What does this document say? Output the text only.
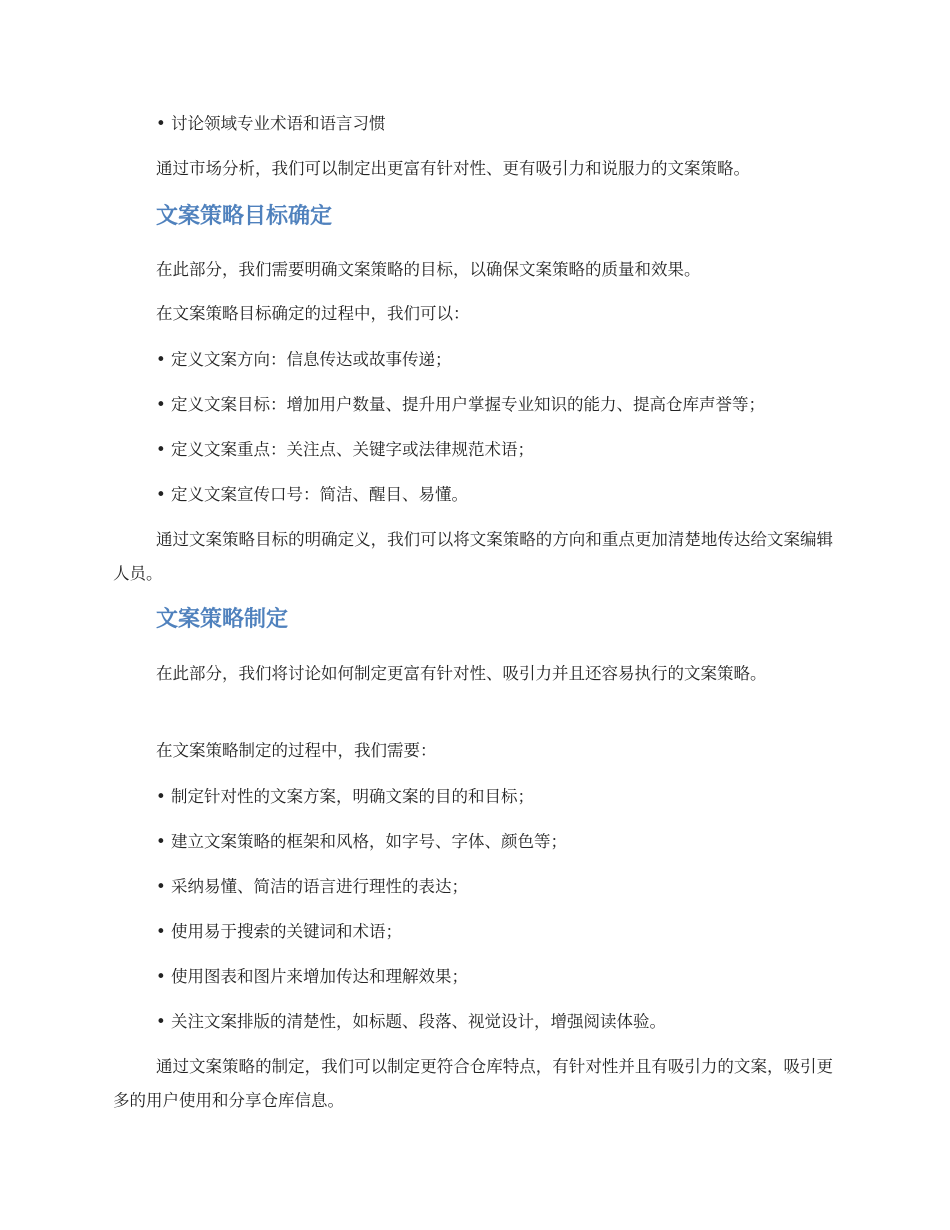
• 讨论领域专业术语和语言习惯
通过市场分析，我们可以制定出更富有针对性、更有吸引力和说服力的文案策略。
文案策略目标确定
在此部分，我们需要明确文案策略的目标，以确保文案策略的质量和效果。
在文案策略目标确定的过程中，我们可以：
• 定义文案方向：信息传达或故事传递；
• 定义文案目标：增加用户数量、提升用户掌握专业知识的能力、提高仓库声誉等；
• 定义文案重点：关注点、关键字或法律规范术语；
• 定义文案宣传口号：简洁、醒目、易懂。
通过文案策略目标的明确定义，我们可以将文案策略的方向和重点更加清楚地传达给文案编辑人员。
文案策略制定
在此部分，我们将讨论如何制定更富有针对性、吸引力并且还容易执行的文案策略。
在文案策略制定的过程中，我们需要：
• 制定针对性的文案方案，明确文案的目的和目标；
• 建立文案策略的框架和风格，如字号、字体、颜色等；
• 采纳易懂、简洁的语言进行理性的表达；
• 使用易于搜索的关键词和术语；
• 使用图表和图片来增加传达和理解效果；
• 关注文案排版的清楚性，如标题、段落、视觉设计，增强阅读体验。
通过文案策略的制定，我们可以制定更符合仓库特点，有针对性并且有吸引力的文案，吸引更多的用户使用和分享仓库信息。
